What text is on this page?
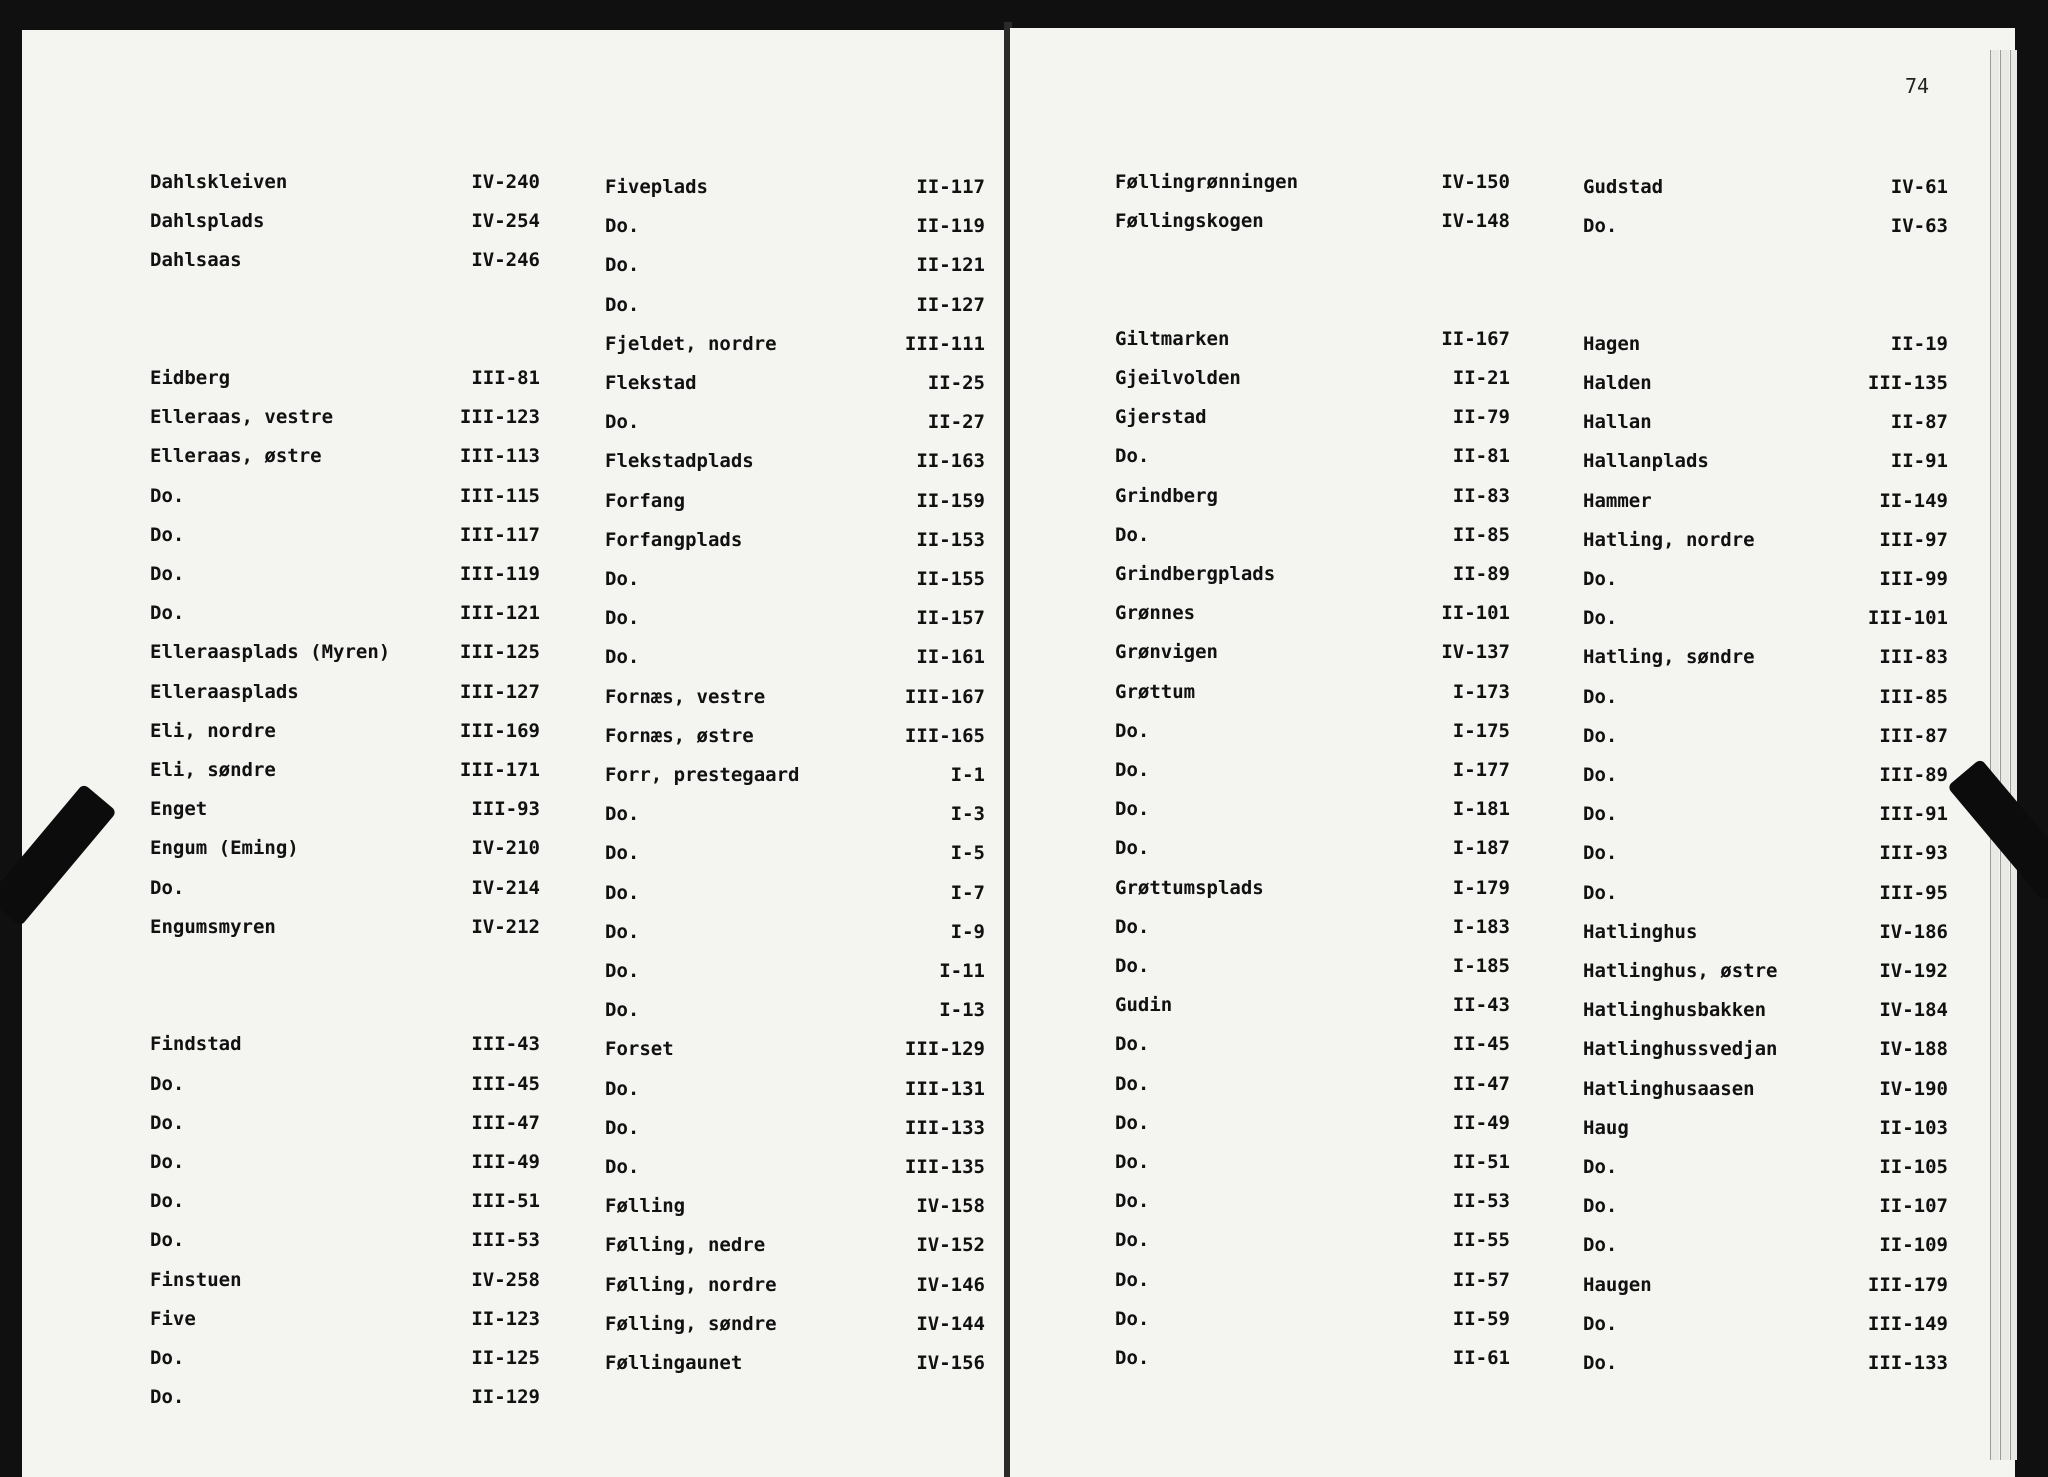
74
Dahlskleiven	IV-240
Dahlsplads	IV-254
Dahlsaas	IV-246
Eidberg	III-81
Elleraas, vestre	III-123
Elleraas, østre	III-113
Do.	III-115
Do.	III-117
Do.	III-119
Do.	III-121
Elleraaspladѕ (Myren)	III-125
Elleraasplads	III-127
Eli, nordre	III-169
Eli, søndre	III-171
Enget	III-93
Engum (Eming)	IV-210
Do.	IV-214
Engumsmyren	IV-212
Findstad	III-43
Do.	III-45
Do.	III-47
Do.	III-49
Do.	III-51
Do.	III-53
Finstuen	IV-258
Five	II-123
Do.	II-125
Do.	II-129
Fiveplads	II-117
Do.	II-119
Do.	II-121
Do.	II-127
Fjeldet, nordre	III-111
Flekstad	II-25
Do.	II-27
Flekstadplads	II-163
Forfang	II-159
Forfangplads	II-153
Do.	II-155
Do.	II-157
Do.	II-161
Fornæs, vestre	III-167
Fornæs, østre	III-165
Forr, prestegaard	I-1
Do.	I-3
Do.	I-5
Do.	I-7
Do.	I-9
Do.	I-11
Do.	I-13
Forset	III-129
Do.	III-131
Do.	III-133
Do.	III-135
Følling	IV-158
Følling, nedre	IV-152
Følling, nordre	IV-146
Følling, søndre	IV-144
Føllingaunet	IV-156
Føllingrønningen	IV-150
Føllingskogen	IV-148
Giltmarken	II-167
Gjeilvolden	II-21
Gjerstad	II-79
Do.	II-81
Grindberg	II-83
Do.	II-85
Grindbergplads	II-89
Grønnes	II-101
Grønvigen	IV-137
Grøttum	I-173
Do.	I-175
Do.	I-177
Do.	I-181
Do.	I-187
Grøttumsplads	I-179
Do.	I-183
Do.	I-185
Gudin	II-43
Do.	II-45
Do.	II-47
Do.	II-49
Do.	II-51
Do.	II-53
Do.	II-55
Do.	II-57
Do.	II-59
Do.	II-61
Gudstad	IV-61
Do.	IV-63
Hagen	II-19
Halden	III-135
Hallan	II-87
Hallanplads	II-91
Hammer	II-149
Hatling, nordre	III-97
Do.	III-99
Do.	III-101
Hatling, søndre	III-83
Do.	III-85
Do.	III-87
Do.	III-89
Do.	III-91
Do.	III-93
Do.	III-95
Hatlinghus	IV-186
Hatlinghus, østre	IV-192
Hatlinghusbakken	IV-184
Hatlinghussvedjan	IV-188
Hatlinghusaasen	IV-190
Haug	II-103
Do.	II-105
Do.	II-107
Do.	II-109
Haugen	III-179
Do.	III-149
Do.	III-133
